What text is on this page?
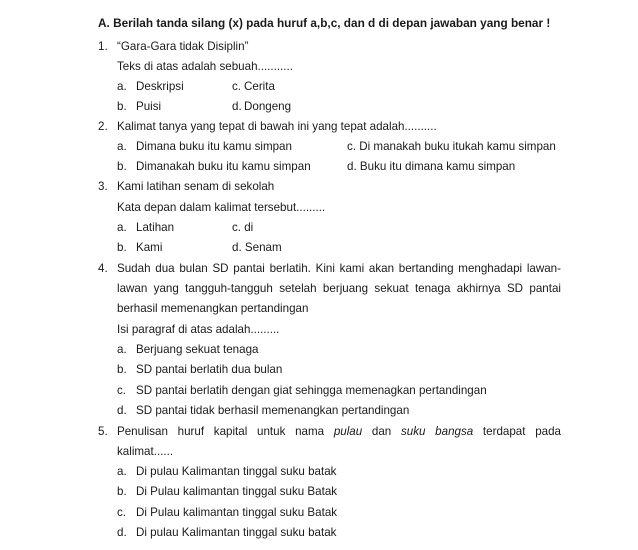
A. Berilah tanda silang (x) pada huruf a,b,c, dan d di depan jawaban yang benar !
1. “Gara-Gara tidak Disiplin”
Teks di atas adalah sebuah...........
a. Deskripsi	c. Cerita
b. Puisi	d. Dongeng
2. Kalimat tanya yang tepat di bawah ini yang tepat adalah..........
a. Dimana buku itu kamu simpan	c. Di manakah buku itukah kamu simpan
b. Dimanakah buku itu kamu simpan	d. Buku itu dimana kamu simpan
3. Kami latihan senam di sekolah
Kata depan dalam kalimat tersebut.........
a. Latihan	c. di
b. Kami	d. Senam
4. Sudah dua bulan SD pantai berlatih. Kini kami akan bertanding menghadapi lawan-
lawan yang tangguh-tangguh setelah berjuang sekuat tenaga akhirnya SD pantai
berhasil memenangkan pertandingan
Isi paragraf di atas adalah.........
a. Berjuang sekuat tenaga
b. SD pantai berlatih dua bulan
c. SD pantai berlatih dengan giat sehingga memenagkan pertandingan
d. SD pantai tidak berhasil memenangkan pertandingan
5. Penulisan huruf kapital untuk nama pulau dan suku bangsa terdapat pada
kalimat......
a. Di pulau Kalimantan tinggal suku batak
b. Di Pulau kalimantan tinggal suku Batak
c. Di Pulau kalimantan tinggal suku Batak
d. Di pulau Kalimantan tinggal suku batak
